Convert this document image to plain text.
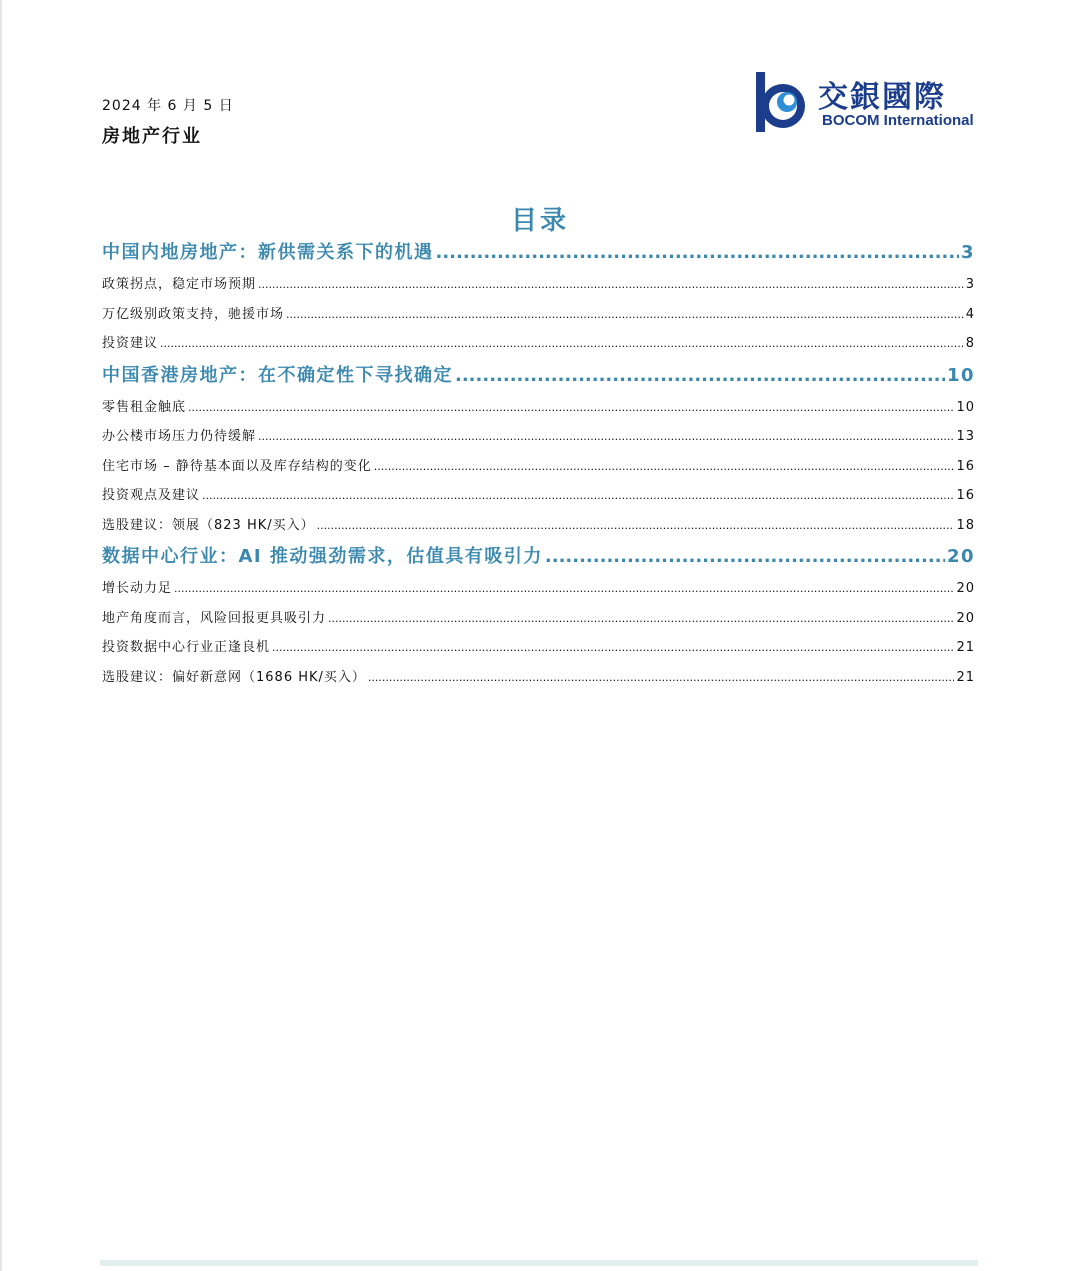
2024 年 6 月 5 日
房地产行业
交銀國際
BOCOM International
目录
中国内地房地产：新供需关系下的机遇 .....	3
政策拐点，稳定市场预期 .....	3
万亿级别政策支持，驰援市场 .....	4
投资建议 .....	8
中国香港房地产：在不确定性下寻找确定 .....	10
零售租金触底 .....	10
办公楼市场压力仍待缓解 .....	13
住宅市场 – 静待基本面以及库存结构的变化 .....	16
投资观点及建议 .....	16
选股建议：领展（823 HK/买入） .....	18
数据中心行业：AI 推动强劲需求，估值具有吸引力 .....	20
增长动力足 .....	20
地产角度而言，风险回报更具吸引力 .....	20
投资数据中心行业正逢良机 .....	21
选股建议：偏好新意网（1686 HK/买入） .....	21
